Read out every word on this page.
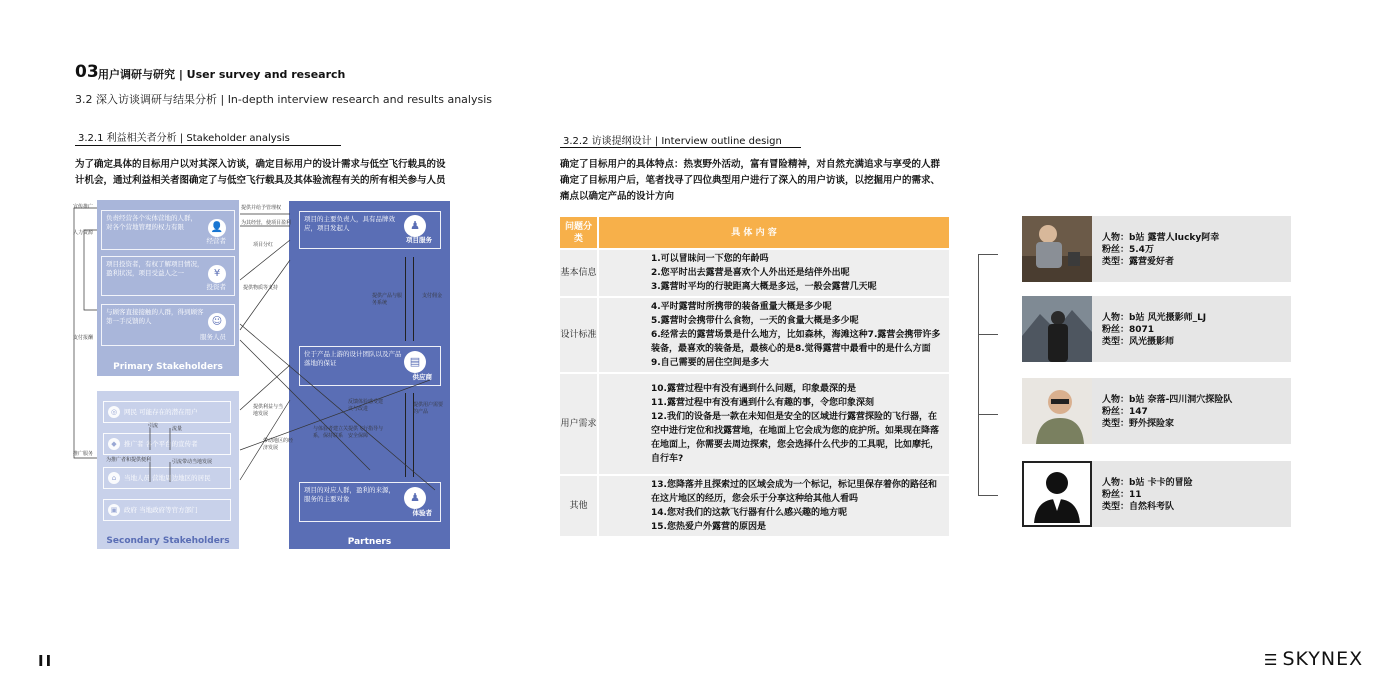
03 用户调研与研究 | User survey and research
3.2 深入访谈调研与结果分析 | In-depth interview research and results analysis
3.2.1 利益相关者分析 | Stakeholder analysis
为了确定具体的目标用户以对其深入访谈，确定目标用户的设计需求与低空飞行载具的设
计机会，通过利益相关者图确定了与低空飞行载具及其体验流程有关的所有相关参与人员
负责经营各个实体营地的人群，对各个营地管理的权力有限	👤
经营者
项目投资者，有权了解项目情况，盈利状况，项目受益人之一	¥
投资者
与顾客直接接触的人群，得到顾客第一手反馈的人	☺
服务人员
Primary Stakeholders
◎ 网民 可能存在的潜在用户
◆ 推广者 各个平台的宣传者
⌂ 当地人员 营地周边地区的居民
▣ 政府 当地政府等官方部门
Secondary Stakeholders
项目的主要负责人，具有品牌效应，项目发起人	♟
项目服务
位于产品上游的设计团队以及产品落地的保证	▤
供应商
项目的对应人群，盈利的来源，服务的主要对象	♟
体验者
Partners
宣传推广	提供并给予管理权
为其经营，使项目盈利
人力资源
项目分红
支付报酬
提供物质等支持
提供产品与服务系统
支付佣金
推广服务
引流	流量
为推广者和提供便利	引流带动当地发展
提供利益与当地发展
与体验者建立关系，保持联系
提供飞行指导与安全保障
反馈体验感受建议与改进
提供用户需要的产品
带动地区的经济发展
3.2.2 访谈提纲设计 | Interview outline design
确定了目标用户的具体特点：热衷野外活动，富有冒险精神，对自然充满追求与享受的人群
确定了目标用户后，笔者找寻了四位典型用户进行了深入的用户访谈，以挖掘用户的需求、
痛点以确定产品的设计方向
问题分类	具 体 内 容
基本信息	1.可以冒昧问一下您的年龄吗
2.您平时出去露营是喜欢个人外出还是结伴外出呢
3.露营时平均的行驶距离大概是多远，一般会露营几天呢

设计标准	4.平时露营时所携带的装备重量大概是多少呢
5.露营时会携带什么食物，一天的食量大概是多少呢
6.经常去的露营场景是什么地方，比如森林，海滩这种7.露营会携带许多装备，最喜欢的装备是，最核心的是8.觉得露营中最看中的是什么方面
9.自己需要的居住空间是多大

用户需求	10.露营过程中有没有遇到什么问题，印象最深的是
11.露营过程中有没有遇到什么有趣的事，令您印象深刻
12.我们的设备是一款在未知但是安全的区域进行露营探险的飞行器，在空中进行定位和找露营地，在地面上它会成为您的庇护所。如果现在降落在地面上，你需要去周边探索，您会选择什么代步的工具呢，比如摩托，自行车?

其他	13.您降落并且探索过的区域会成为一个标记，标记里保存着你的路径和在这片地区的经历，您会乐于分享这种给其他人看吗
14.您对我们的这款飞行器有什么感兴趣的地方呢
15.您热爱户外露营的原因是
人物：b站 露营人lucky阿幸
粉丝：5.4万
类型：露营爱好者
人物：b站 风光摄影师_LJ
粉丝：8071
类型：风光摄影师
人物：b站 奈落-四川洞穴探险队
粉丝：147
类型：野外探险家
人物：b站 卡卡的冒险
粉丝：11
类型：自然科考队
II	☰ SKYNEX
